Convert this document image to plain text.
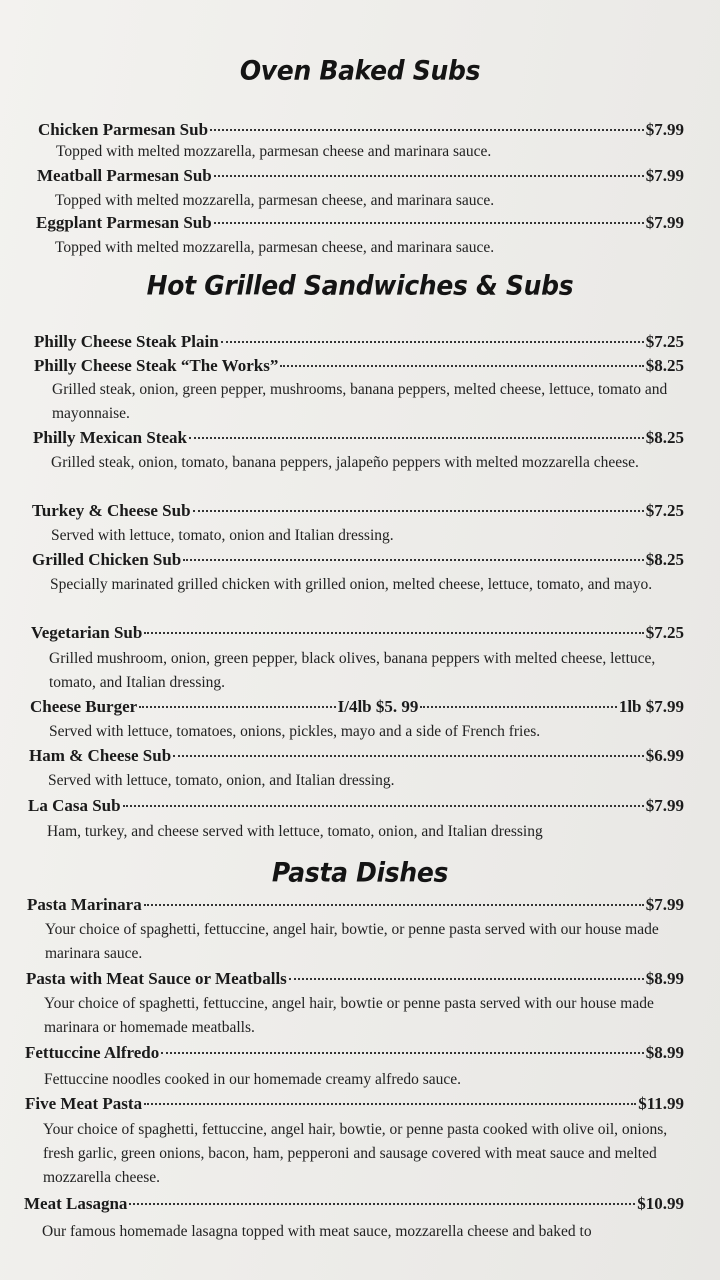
Oven Baked Subs
Chicken Parmesan Sub	$7.99
Topped with melted mozzarella, parmesan cheese and marinara sauce.
Meatball Parmesan Sub	$7.99
Topped with melted mozzarella, parmesan cheese, and marinara sauce.
Eggplant Parmesan Sub	$7.99
Topped with melted mozzarella, parmesan cheese, and marinara sauce.
Hot Grilled Sandwiches & Subs
Philly Cheese Steak Plain	$7.25
Philly Cheese Steak “The Works”	$8.25
Grilled steak, onion, green pepper, mushrooms, banana peppers, melted cheese, lettuce, tomato and mayonnaise.
Philly Mexican Steak	$8.25
Grilled steak, onion, tomato, banana peppers, jalapeño peppers with melted mozzarella cheese.
Turkey & Cheese Sub	$7.25
Served with lettuce, tomato, onion and Italian dressing.
Grilled Chicken Sub	$8.25
Specially marinated grilled chicken with grilled onion, melted cheese, lettuce, tomato, and mayo.
Vegetarian Sub	$7.25
Grilled mushroom, onion, green pepper, black olives, banana peppers with melted cheese, lettuce, tomato, and Italian dressing.
Cheese Burger	I/4lb $5. 99	1lb $7.99
Served with lettuce, tomatoes, onions, pickles, mayo and a side of French fries.
Ham & Cheese Sub	$6.99
Served with lettuce, tomato, onion, and Italian dressing.
La Casa Sub	$7.99
Ham, turkey, and cheese served with lettuce, tomato, onion, and Italian dressing
Pasta Dishes
Pasta Marinara	$7.99
Your choice of spaghetti, fettuccine, angel hair, bowtie, or penne pasta served with our house made marinara sauce.
Pasta with Meat Sauce or Meatballs	$8.99
Your choice of spaghetti, fettuccine, angel hair, bowtie or penne pasta served with our house made marinara or homemade meatballs.
Fettuccine Alfredo	$8.99
Fettuccine noodles cooked in our homemade creamy alfredo sauce.
Five Meat Pasta	$11.99
Your choice of spaghetti, fettuccine, angel hair, bowtie, or penne pasta cooked with olive oil, onions, fresh garlic, green onions, bacon, ham, pepperoni and sausage covered with meat sauce and melted mozzarella cheese.
Meat Lasagna	$10.99
Our famous homemade lasagna topped with meat sauce, mozzarella cheese and baked to
